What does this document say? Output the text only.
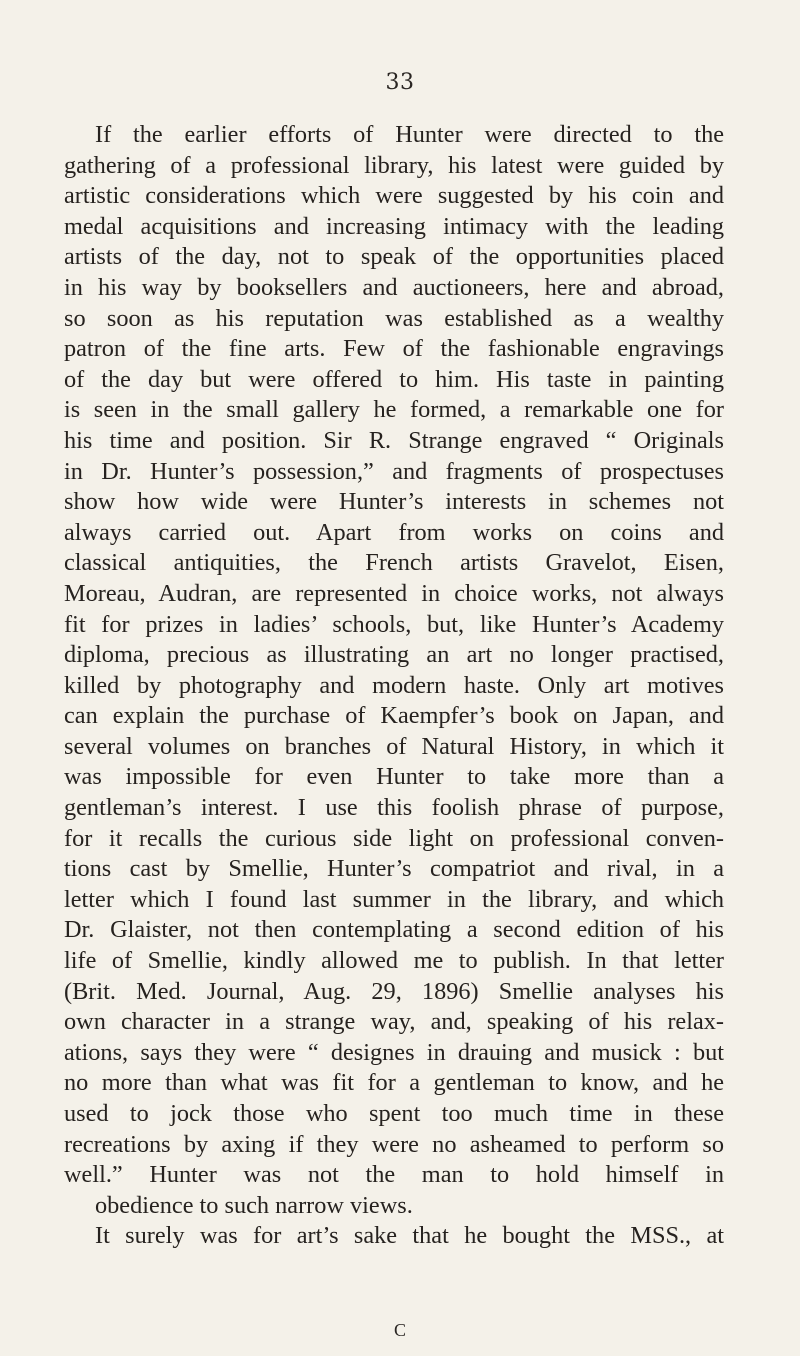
33
If the earlier efforts of Hunter were directed to the
gathering of a professional library, his latest were guided by
artistic considerations which were suggested by his coin and
medal acquisitions and increasing intimacy with the leading
artists of the day, not to speak of the opportunities placed
in his way by booksellers and auctioneers, here and abroad,
so soon as his reputation was established as a wealthy
patron of the fine arts. Few of the fashionable engravings
of the day but were offered to him. His taste in painting
is seen in the small gallery he formed, a remarkable one for
his time and position. Sir R. Strange engraved “ Originals
in Dr. Hunter’s possession,” and fragments of prospectuses
show how wide were Hunter’s interests in schemes not
always carried out. Apart from works on coins and
classical antiquities, the French artists Gravelot, Eisen,
Moreau, Audran, are represented in choice works, not always
fit for prizes in ladies’ schools, but, like Hunter’s Academy
diploma, precious as illustrating an art no longer practised,
killed by photography and modern haste. Only art motives
can explain the purchase of Kaempfer’s book on Japan, and
several volumes on branches of Natural History, in which it
was impossible for even Hunter to take more than a
gentleman’s interest. I use this foolish phrase of purpose,
for it recalls the curious side light on professional conven-
tions cast by Smellie, Hunter’s compatriot and rival, in a
letter which I found last summer in the library, and which
Dr. Glaister, not then contemplating a second edition of his
life of Smellie, kindly allowed me to publish. In that letter
(Brit. Med. Journal, Aug. 29, 1896) Smellie analyses his
own character in a strange way, and, speaking of his relax-
ations, says they were “ designes in drauing and musick : but
no more than what was fit for a gentleman to know, and he
used to jock those who spent too much time in these
recreations by axing if they were no asheamed to perform so
well.” Hunter was not the man to hold himself in
obedience to such narrow views.
It surely was for art’s sake that he bought the MSS., at
C
